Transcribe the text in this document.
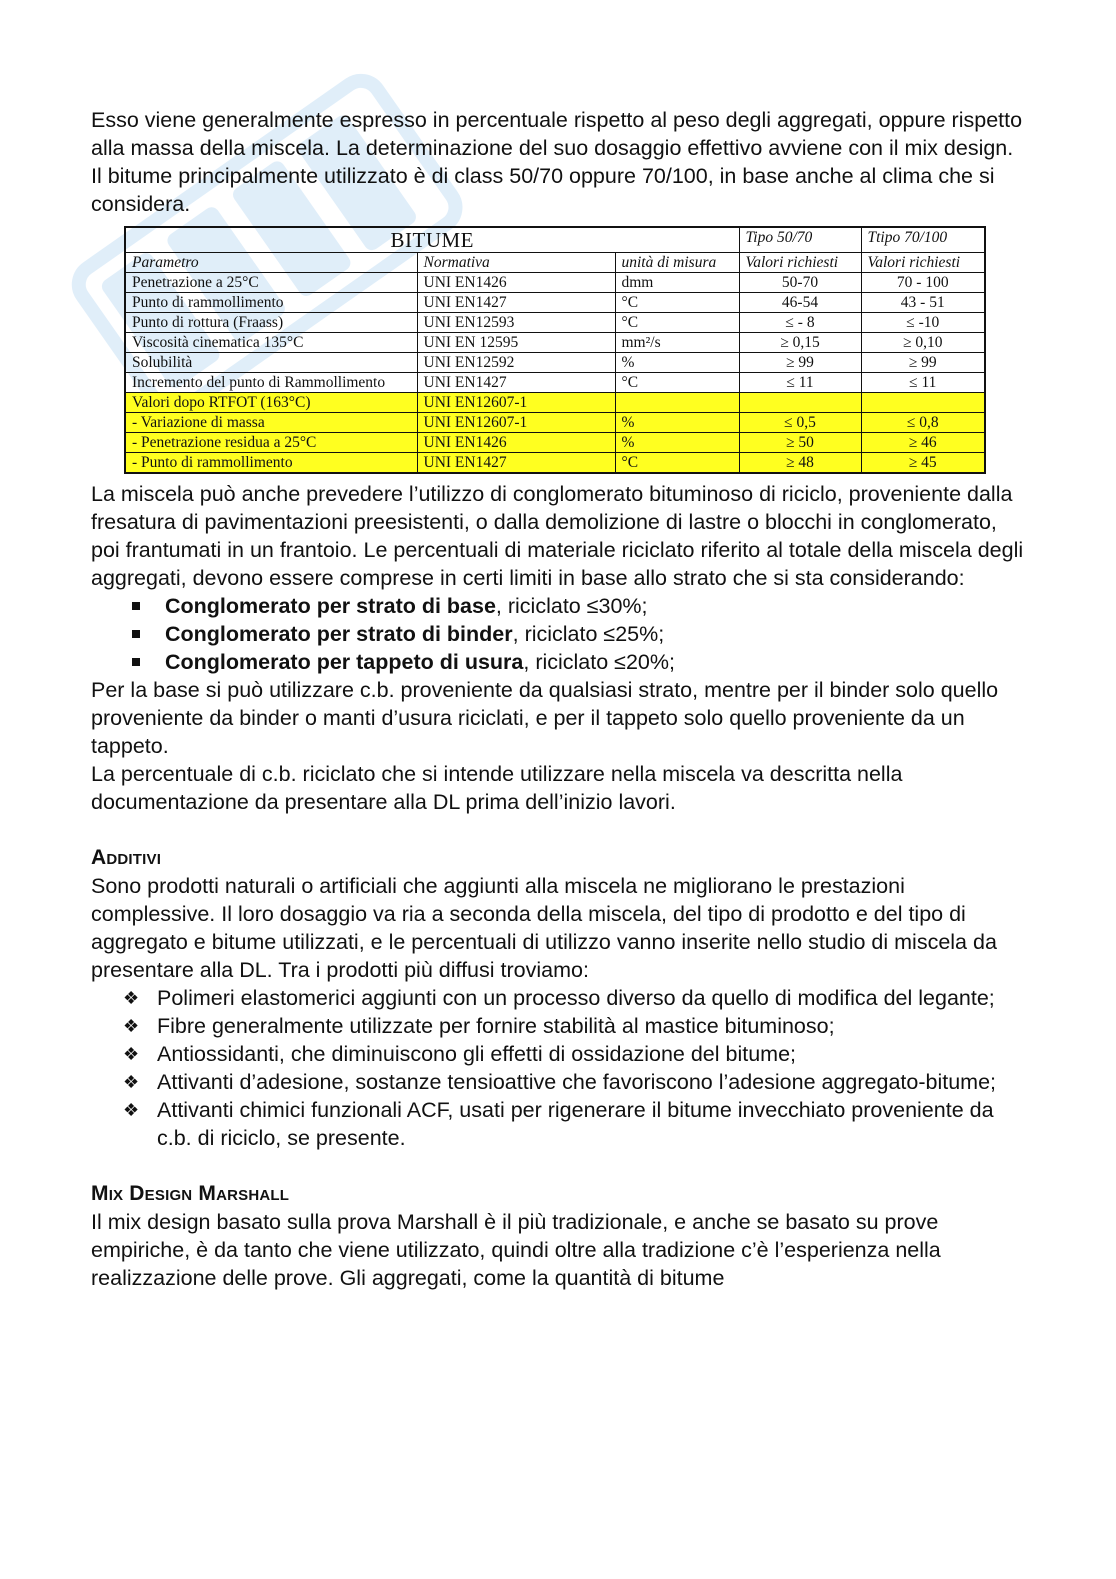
Esso viene generalmente espresso in percentuale rispetto al peso degli aggregati, oppure rispetto alla massa della miscela. La determinazione del suo dosaggio effettivo avviene con il mix design.

Il bitume principalmente utilizzato è di class 50/70 oppure 70/100, in base anche al clima che si considera.

BITUME			Tipo 50/70	Ttipo 70/100
Parametro	Normativa	unità di misura	Valori richiesti	Valori richiesti
Penetrazione a 25°C	UNI EN1426	dmm	50-70	70 - 100
Punto di rammollimento	UNI EN1427	°C	46-54	43 - 51
Punto di rottura (Fraass)	UNI EN12593	°C	≤ - 8	≤ -10
Viscosità cinematica 135°C	UNI EN 12595	mm²/s	≥ 0,15	≥ 0,10
Solubilità	UNI EN12592	%	≥ 99	≥ 99
Incremento del punto di Rammollimento	UNI EN1427	°C	≤ 11	≤ 11
Valori dopo RTFOT (163°C)	UNI EN12607-1			
- Variazione di massa	UNI EN12607-1	%	≤ 0,5	≤ 0,8
- Penetrazione residua a 25°C	UNI EN1426	%	≥ 50	≥ 46
- Punto di rammollimento	UNI EN1427	°C	≥ 48	≥ 45

La miscela può anche prevedere l’utilizzo di conglomerato bituminoso di riciclo, proveniente dalla fresatura di pavimentazioni preesistenti, o dalla demolizione di lastre o blocchi in conglomerato, poi frantumati in un frantoio. Le percentuali di materiale riciclato riferito al totale della miscela degli aggregati, devono essere comprese in certi limiti in base allo strato che si sta considerando:

Conglomerato per strato di base, riciclato ≤30%;
Conglomerato per strato di binder, riciclato ≤25%;
Conglomerato per tappeto di usura, riciclato ≤20%;

Per la base si può utilizzare c.b. proveniente da qualsiasi strato, mentre per il binder solo quello proveniente da binder o manti d’usura riciclati, e per il tappeto solo quello proveniente da un tappeto.

La percentuale di c.b. riciclato che si intende utilizzare nella miscela va descritta nella documentazione da presentare alla DL prima dell’inizio lavori.

Additivi

Sono prodotti naturali o artificiali che aggiunti alla miscela ne migliorano le prestazioni complessive. Il loro dosaggio va ria a seconda della miscela, del tipo di prodotto e del tipo di aggregato e bitume utilizzati, e le percentuali di utilizzo vanno inserite nello studio di miscela da presentare alla DL. Tra i prodotti più diffusi troviamo:

❖ Polimeri elastomerici aggiunti con un processo diverso da quello di modifica del legante;
❖ Fibre generalmente utilizzate per fornire stabilità al mastice bituminoso;
❖ Antiossidanti, che diminuiscono gli effetti di ossidazione del bitume;
❖ Attivanti d’adesione, sostanze tensioattive che favoriscono l’adesione aggregato-bitume;
❖ Attivanti chimici funzionali ACF, usati per rigenerare il bitume invecchiato proveniente da c.b. di riciclo, se presente.

Mix Design Marshall

Il mix design basato sulla prova Marshall è il più tradizionale, e anche se basato su prove empiriche, è da tanto che viene utilizzato, quindi oltre alla tradizione c’è l’esperienza nella realizzazione delle prove. Gli aggregati, come la quantità di bitume
